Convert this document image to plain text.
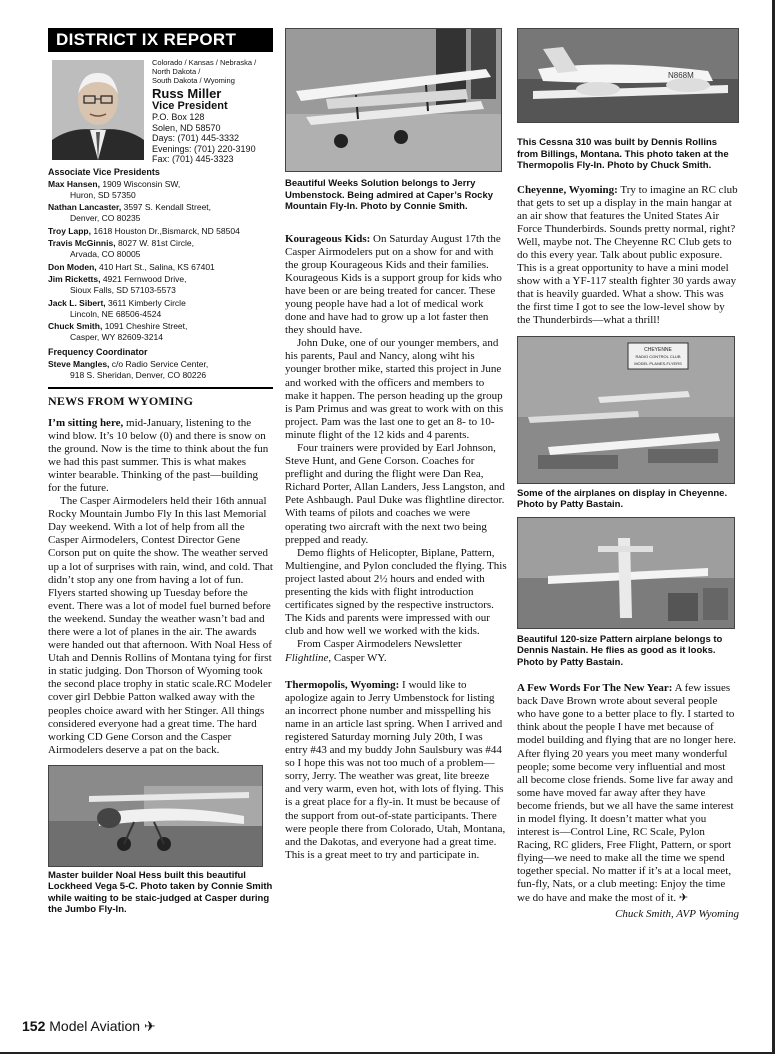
DISTRICT IX REPORT
Colorado / Kansas / Nebraska /
North Dakota /
South Dakota / Wyoming
Russ Miller
Vice President
P.O. Box 128
Solen, ND 58570
Days: (701) 445-3332
Evenings: (701) 220-3190
Fax: (701) 445-3323
Associate Vice Presidents
Max Hansen, 1909 Wisconsin SW,
Huron, SD 57350
Nathan Lancaster, 3597 S. Kendall Street,
Denver, CO 80235
Troy Lapp, 1618 Houston Dr.,Bismarck, ND 58504
Travis McGinnis, 8027 W. 81st Circle,
Arvada, CO 80005
Don Moden, 410 Hart St., Salina, KS 67401
Jim Ricketts, 4921 Fernwood Drive,
Sioux Falls, SD 57103-5573
Jack L. Sibert, 3611 Kimberly Circle
Lincoln, NE 68506-4524
Chuck Smith, 1091 Cheshire Street,
Casper, WY 82609-3214
Frequency Coordinator
Steve Mangles, c/o Radio Service Center,
918 S. Sheridan, Denver, CO 80226
NEWS FROM WYOMING

I’m sitting here, mid-January, listening to the wind blow. It’s 10 below (0) and there is snow on the ground. Now is the time to think about the fun we had this past summer. This is what makes winter bearable. Thinking of the past—building for the future.

The Casper Airmodelers held their 16th annual Rocky Mountain Jumbo Fly In this last Memorial Day weekend. With a lot of help from all the Casper Airmodelers, Contest Director Gene Corson put on quite the show. The weather served up a lot of surprises with rain, wind, and cold. That didn’t stop any one from having a lot of fun. Flyers started showing up Tuesday before the event. There was a lot of model fuel burned before the weekend. Sunday the weather wasn’t bad and there were a lot of planes in the air. The awards were handed out that afternoon. With Noal Hess of Utah and Dennis Rollins of Montana tying for first in static judging. Don Thorson of Wyoming took the second place trophy in static scale.RC Modeler cover girl Debbie Patton walked away with the peoples choice award with her Stinger. All things considered everyone had a great time. The hard working CD Gene Corson and the Casper Airmodelers deserve a pat on the back.

Master builder Noal Hess built this beautiful Lockheed Vega 5-C. Photo taken by Connie Smith while waiting to be staic-judged at Casper during the Jumbo Fly-In.
Beautiful Weeks Solution belongs to Jerry Umbenstock. Being admired at Caper’s Rocky Mountain Fly-In. Photo by Connie Smith.

Kourageous Kids: On Saturday August 17th the Casper Airmodelers put on a show for and with the group Kourageous Kids and their families. Kourageous Kids is a support group for kids who have been or are being treated for cancer. These young people have had a lot of medical work done and have had to grow up a lot faster then they should have.

John Duke, one of our younger members, and his parents, Paul and Nancy, along wiht his younger brother mike, started this project in June and worked with the officers and members to make it happen. The person heading up the group is Pam Primus and was great to work with on this project. Pam was the last one to get an 8- to 10-minute flight of the 12 kids and 4 parents.

Four trainers were provided by Earl Johnson, Steve Hunt, and Gene Corson. Coaches for preflight and during the flight were Dan Rea, Richard Porter, Allan Landers, Jess Langston, and Pete Ashbaugh. Paul Duke was flightline director. With teams of pilots and coaches we were operating two aircraft with the next two being prepped and ready.

Demo flights of Helicopter, Biplane, Pattern, Multiengine, and Pylon concluded the flying. This project lasted about 2½ hours and ended with presenting the kids with flight introduction certificates signed by the respective instructors. The Kids and parents were impressed with our club and how well we worked with the kids.

From Casper Airmodelers Newsletter Flightline, Casper WY.

Thermopolis, Wyoming: I would like to apologize again to Jerry Umbenstock for listing an incorrect phone number and misspelling his name in an article last spring. When I arrived and registered Saturday morning July 20th, I was entry #43 and my buddy John Saulsbury was #44 so I hope this was not too much of a problem—sorry, Jerry. The weather was great, lite breeze and very warm, even hot, with lots of flying. This is a great place for a fly-in. It must be because of the support from out-of-state participants. There were people there from Colorado, Utah, Montana, and the Dakotas, and everyone had a great time. This is a great meet to try and participate in.

N868M
This Cessna 310 was built by Dennis Rollins from Billings, Montana. This photo taken at the Thermopolis Fly-In. Photo by Chuck Smith.

Cheyenne, Wyoming: Try to imagine an RC club that gets to set up a display in the main hangar at an air show that features the United States Air Force Thunderbirds. Sounds pretty normal, right? Well, maybe not. The Cheyenne RC Club gets to do this every year. Talk about public exposure. This is a great opportunity to have a mini model show with a YF-117 stealth fighter 30 yards away that is heavily guarded. What a show. This was the first time I got to see the low-level show by the Thunderbirds—what a thrill!

CHEYENNE
RADIO CONTROL CLUB
MODEL PLANES-FLYERS
Some of the airplanes on display in Cheyenne. Photo by Patty Bastain.
Beautiful 120-size Pattern airplane belongs to Dennis Nastain. He flies as good as it looks. Photo by Patty Bastain.

A Few Words For The New Year: A few issues back Dave Brown wrote about several people who have gone to a better place to fly. I started to think about the people I have met because of model building and flying that are no longer here. After flying 20 years you meet many wonderful people; some become very influential and most all become close friends. Some live far away and some have moved far away after they have become friends, but we all have the same interest in model flying. It doesn’t matter what you interest is—Control Line, RC Scale, Pylon Racing, RC gliders, Free Flight, Pattern, or sport flying—we need to make all the time we spend together special. No matter if it’s at a local meet, fun-fly, Nats, or a club meeting: Enjoy the time we do have and make the most of it. ✈

Chuck Smith, AVP Wyoming
152 Model Aviation ✈
